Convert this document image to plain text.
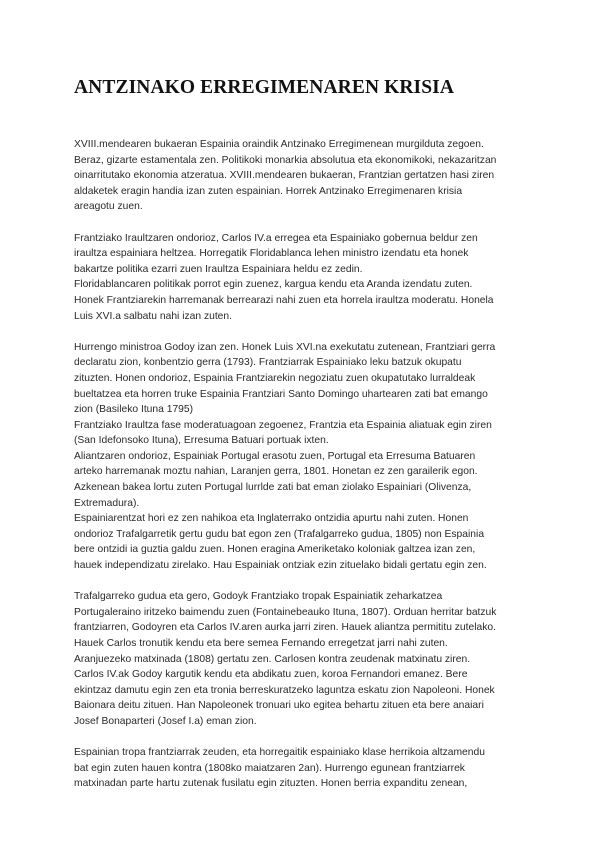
ANTZINAKO ERREGIMENAREN KRISIA

XVIII.mendearen bukaeran Espainia oraindik Antzinako Erregimenean murgilduta zegoen.
Beraz, gizarte estamentala zen. Politikoki monarkia absolutua eta ekonomikoki, nekazaritzan
oinarritutako ekonomia atzeratua. XVIII.mendearen bukaeran, Frantzian gertatzen hasi ziren
aldaketek eragin handia izan zuten espainian. Horrek Antzinako Erregimenaren krisia
areagotu zuen.

Frantziako Iraultzaren ondorioz, Carlos IV.a erregea eta Espainiako gobernua beldur zen
iraultza espainiara heltzea. Horregatik Floridablanca lehen ministro izendatu eta honek
bakartze politika ezarri zuen Iraultza Espainiara heldu ez zedin.
Floridablancaren politikak porrot egin zuenez, kargua kendu eta Aranda izendatu zuten.
Honek Frantziarekin harremanak berrearazi nahi zuen eta horrela iraultza moderatu. Honela
Luis XVI.a salbatu nahi izan zuten.

Hurrengo ministroa Godoy izan zen. Honek Luis XVI.na exekutatu zutenean, Frantziari gerra
declaratu zion, konbentzio gerra (1793). Frantziarrak Espainiako leku batzuk okupatu
zituzten. Honen ondorioz, Espainia Frantziarekin negoziatu zuen okupatutako lurraldeak
bueltatzea eta horren truke Espainia Frantziari Santo Domingo uhartearen zati bat emango
zion (Basileko Ituna 1795)
Frantziako Iraultza fase moderatuagoan zegoenez, Frantzia eta Espainia aliatuak egin ziren
(San Idefonsoko Ituna), Erresuma Batuari portuak ixten.
Aliantzaren ondorioz, Espainiak Portugal erasotu zuen, Portugal eta Erresuma Batuaren
arteko harremanak moztu nahian, Laranjen gerra, 1801. Honetan ez zen garailerik egon.
Azkenean bakea lortu zuten Portugal lurrlde zati bat eman ziolako Espainiari (Olivenza,
Extremadura).
Espainiarentzat hori ez zen nahikoa eta Inglaterrako ontzidia apurtu nahi zuten. Honen
ondorioz Trafalgarretik gertu gudu bat egon zen (Trafalgarreko gudua, 1805) non Espainia
bere ontzidi ia guztia galdu zuen. Honen eragina Ameriketako koloniak galtzea izan zen,
hauek independizatu zirelako. Hau Espainiak ontziak ezin zituelako bidali gertatu egin zen.

Trafalgarreko gudua eta gero, Godoyk Frantziako tropak Espainiatik zeharkatzea
Portugaleraino iritzeko baimendu zuen (Fontainebeauko Ituna, 1807). Orduan herritar batzuk
frantziarren, Godoyren eta Carlos IV.aren aurka jarri ziren. Hauek aliantza permititu zutelako.
Hauek Carlos tronutik kendu eta bere semea Fernando erregetzat jarri nahi zuten.
Aranjuezeko matxinada (1808) gertatu zen. Carlosen kontra zeudenak matxinatu ziren.
Carlos IV.ak Godoy kargutik kendu eta abdikatu zuen, koroa Fernandori emanez. Bere
ekintzaz damutu egin zen eta tronia berreskuratzeko laguntza eskatu zion Napoleoni. Honek
Baionara deitu zituen. Han Napoleonek tronuari uko egitea behartu zituen eta bere anaiari
Josef Bonaparteri (Josef I.a) eman zion.

Espainian tropa frantziarrak zeuden, eta horregaitik espainiako klase herrikoia altzamendu
bat egin zuten hauen kontra (1808ko maiatzaren 2an). Hurrengo egunean frantziarrek
matxinadan parte hartu zutenak fusilatu egin zituzten. Honen berria expanditu zenean,
